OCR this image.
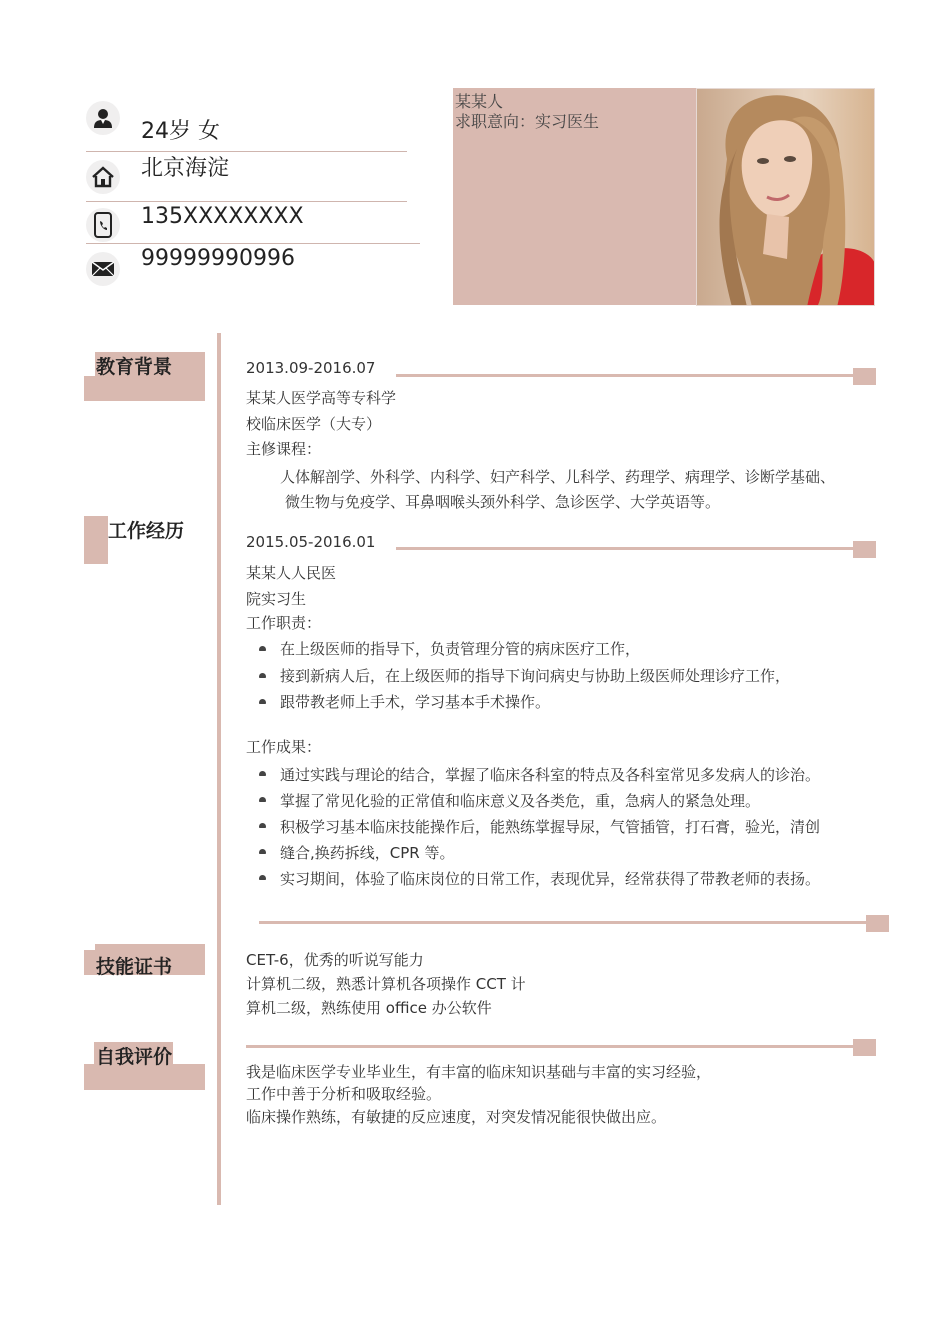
24岁 女
北京海淀
135XXXXXXXX
99999990996
某某人
求职意向：实习医生
教育背景	2013.09-2016.07
某某人医学高等专科学
校临床医学（大专）
主修课程：
人体解剖学、外科学、内科学、妇产科学、儿科学、药理学、病理学、诊断学基础、
微生物与免疫学、耳鼻咽喉头颈外科学、急诊医学、大学英语等。
工作经历	2015.05-2016.01
某某人人民医
院实习生
工作职责：
在上级医师的指导下，负责管理分管的病床医疗工作，
接到新病人后，在上级医师的指导下询问病史与协助上级医师处理诊疗工作，
跟带教老师上手术，学习基本手术操作。
工作成果：
通过实践与理论的结合，掌握了临床各科室的特点及各科室常见多发病人的诊治。
掌握了常见化验的正常值和临床意义及各类危，重，急病人的紧急处理。
积极学习基本临床技能操作后，能熟练掌握导尿，气管插管，打石膏，验光，清创
缝合,换药拆线，CPR 等。
实习期间，体验了临床岗位的日常工作，表现优异，经常获得了带教老师的表扬。
技能证书	CET-6，优秀的听说写能力
计算机二级，熟悉计算机各项操作 CCT 计
算机二级，熟练使用 office 办公软件
自我评价
我是临床医学专业毕业生，有丰富的临床知识基础与丰富的实习经验，
工作中善于分析和吸取经验。
临床操作熟练，有敏捷的反应速度，对突发情况能很快做出应。
